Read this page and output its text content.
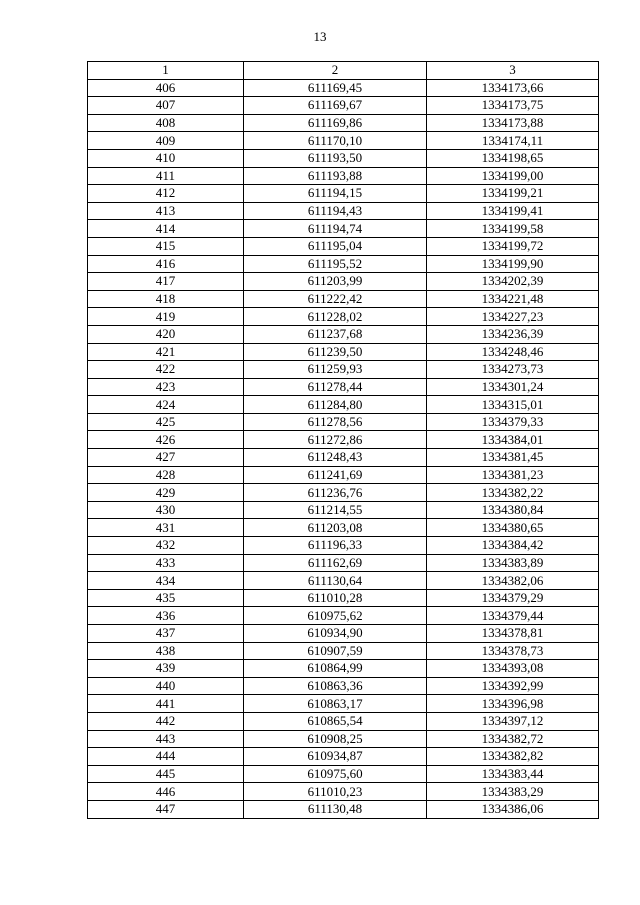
13
1	2	3
406	611169,45	1334173,66
407	611169,67	1334173,75
408	611169,86	1334173,88
409	611170,10	1334174,11
410	611193,50	1334198,65
411	611193,88	1334199,00
412	611194,15	1334199,21
413	611194,43	1334199,41
414	611194,74	1334199,58
415	611195,04	1334199,72
416	611195,52	1334199,90
417	611203,99	1334202,39
418	611222,42	1334221,48
419	611228,02	1334227,23
420	611237,68	1334236,39
421	611239,50	1334248,46
422	611259,93	1334273,73
423	611278,44	1334301,24
424	611284,80	1334315,01
425	611278,56	1334379,33
426	611272,86	1334384,01
427	611248,43	1334381,45
428	611241,69	1334381,23
429	611236,76	1334382,22
430	611214,55	1334380,84
431	611203,08	1334380,65
432	611196,33	1334384,42
433	611162,69	1334383,89
434	611130,64	1334382,06
435	611010,28	1334379,29
436	610975,62	1334379,44
437	610934,90	1334378,81
438	610907,59	1334378,73
439	610864,99	1334393,08
440	610863,36	1334392,99
441	610863,17	1334396,98
442	610865,54	1334397,12
443	610908,25	1334382,72
444	610934,87	1334382,82
445	610975,60	1334383,44
446	611010,23	1334383,29
447	611130,48	1334386,06
